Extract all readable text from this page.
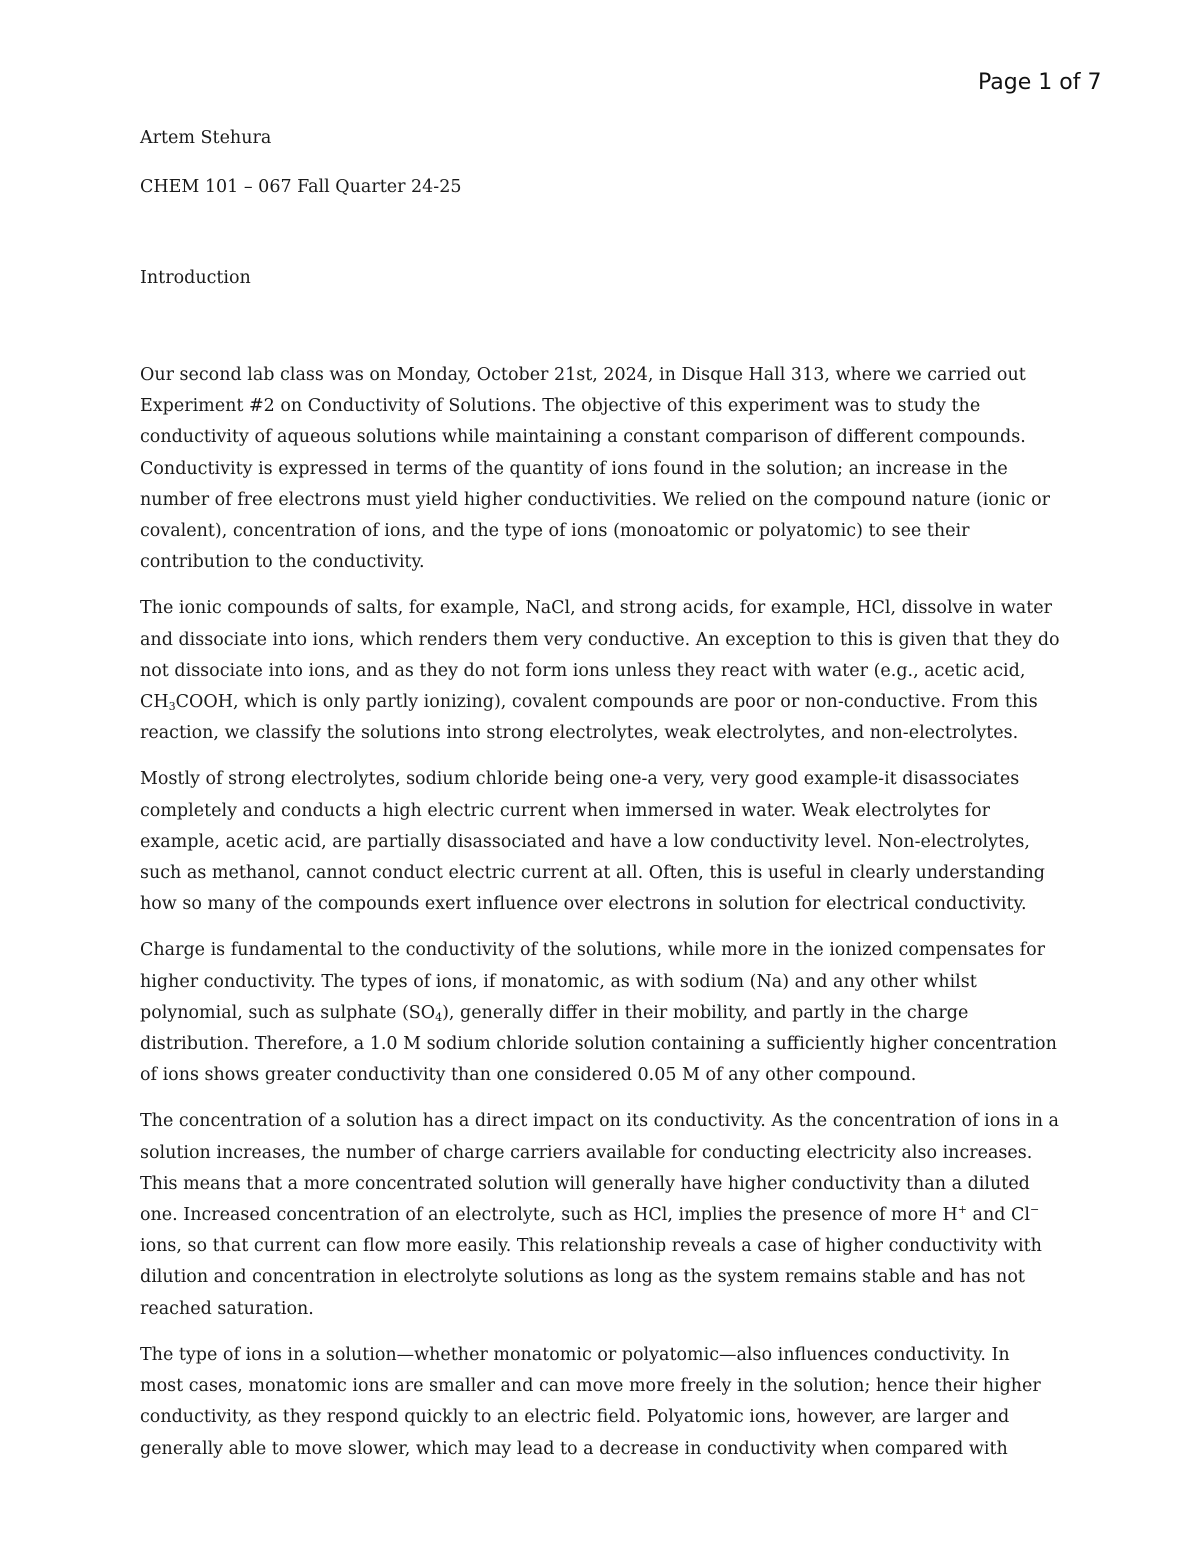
Page 1 of 7
Artem Stehura
CHEM 101 – 067 Fall Quarter 24-25
Introduction

Our second lab class was on Monday, October 21st, 2024, in Disque Hall 313, where we carried out
Experiment #2 on Conductivity of Solutions. The objective of this experiment was to study the
conductivity of aqueous solutions while maintaining a constant comparison of different compounds.
Conductivity is expressed in terms of the quantity of ions found in the solution; an increase in the
number of free electrons must yield higher conductivities. We relied on the compound nature (ionic or
covalent), concentration of ions, and the type of ions (monoatomic or polyatomic) to see their
contribution to the conductivity.

The ionic compounds of salts, for example, NaCl, and strong acids, for example, HCl, dissolve in water
and dissociate into ions, which renders them very conductive. An exception to this is given that they do
not dissociate into ions, and as they do not form ions unless they react with water (e.g., acetic acid,
$CH_3COOH$, which is only partly ionizing), covalent compounds are poor or non-conductive. From this
reaction, we classify the solutions into strong electrolytes, weak electrolytes, and non-electrolytes.

Mostly of strong electrolytes, sodium chloride being one-a very, very good example-it disassociates
completely and conducts a high electric current when immersed in water. Weak electrolytes for
example, acetic acid, are partially disassociated and have a low conductivity level. Non-electrolytes,
such as methanol, cannot conduct electric current at all. Often, this is useful in clearly understanding
how so many of the compounds exert influence over electrons in solution for electrical conductivity.

Charge is fundamental to the conductivity of the solutions, while more in the ionized compensates for
higher conductivity. The types of ions, if monatomic, as with sodium (Na) and any other whilst
polynomial, such as sulphate $(SO_4)$, generally differ in their mobility, and partly in the charge
distribution. Therefore, a 1.0 M sodium chloride solution containing a sufficiently higher concentration
of ions shows greater conductivity than one considered 0.05 M of any other compound.

The concentration of a solution has a direct impact on its conductivity. As the concentration of ions in a
solution increases, the number of charge carriers available for conducting electricity also increases.
This means that a more concentrated solution will generally have higher conductivity than a diluted
one. Increased concentration of an electrolyte, such as HCl, implies the presence of more H+ and Cl−
ions, so that current can flow more easily. This relationship reveals a case of higher conductivity with
dilution and concentration in electrolyte solutions as long as the system remains stable and has not
reached saturation.

The type of ions in a solution—whether monatomic or polyatomic—also influences conductivity. In
most cases, monatomic ions are smaller and can move more freely in the solution; hence their higher
conductivity, as they respond quickly to an electric field. Polyatomic ions, however, are larger and
generally able to move slower, which may lead to a decrease in conductivity when compared with
